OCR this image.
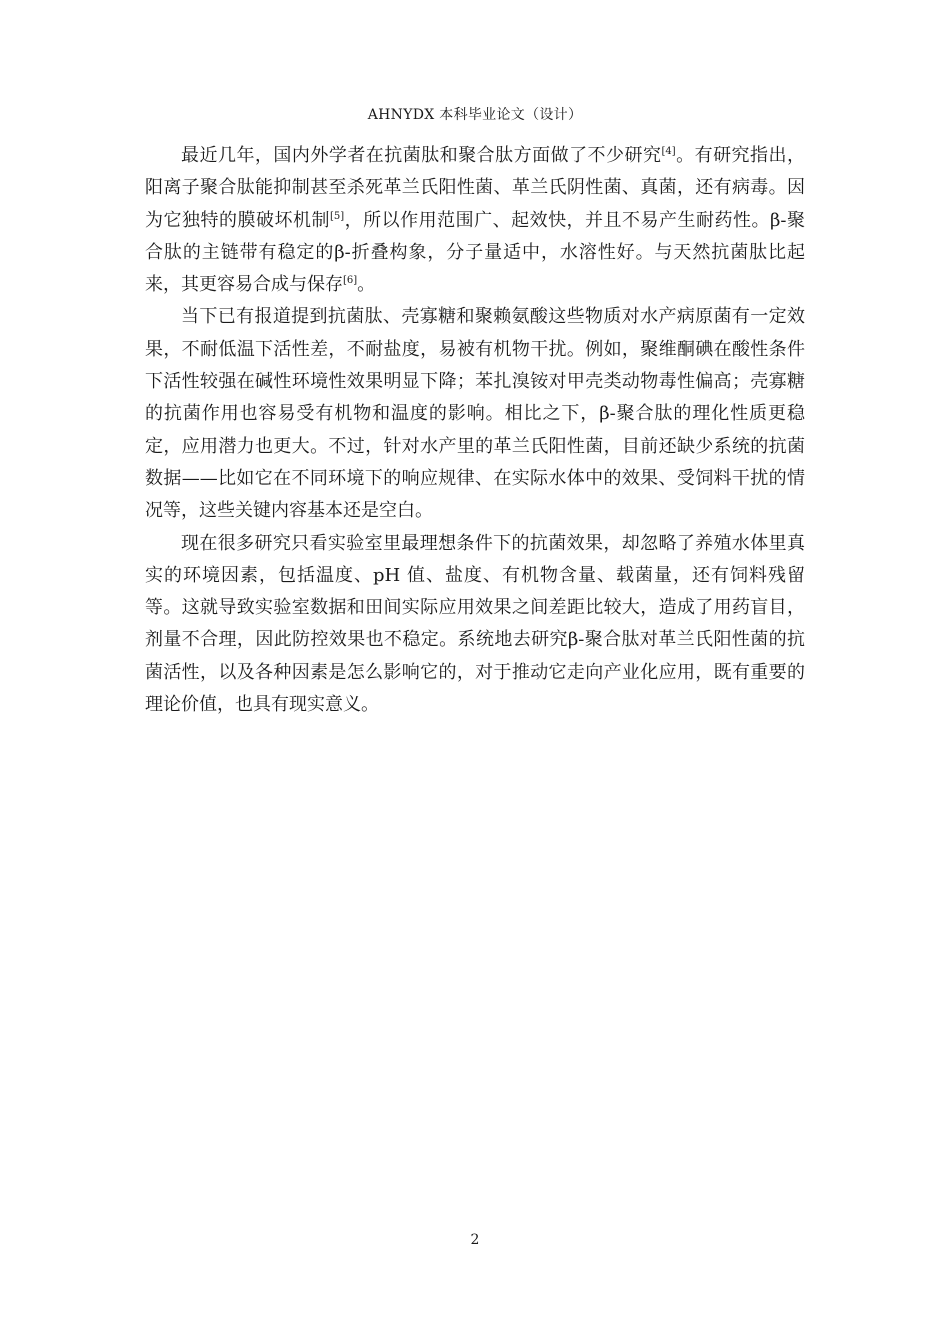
AHNYDX 本科毕业论文（设计）

最近几年，国内外学者在抗菌肽和聚合肽方面做了不少研究[4]。有研究指出，阳离子聚合肽能抑制甚至杀死革兰氏阳性菌、革兰氏阴性菌、真菌，还有病毒。因为它独特的膜破坏机制[5]，所以作用范围广、起效快，并且不易产生耐药性。β-聚合肽的主链带有稳定的β-折叠构象，分子量适中，水溶性好。与天然抗菌肽比起来，其更容易合成与保存[6]。

当下已有报道提到抗菌肽、壳寡糖和聚赖氨酸这些物质对水产病原菌有一定效果，不耐低温下活性差，不耐盐度，易被有机物干扰。例如，聚维酮碘在酸性条件下活性较强在碱性环境性效果明显下降；苯扎溴铵对甲壳类动物毒性偏高；壳寡糖的抗菌作用也容易受有机物和温度的影响。相比之下，β-聚合肽的理化性质更稳定，应用潜力也更大。不过，针对水产里的革兰氏阳性菌，目前还缺少系统的抗菌数据——比如它在不同环境下的响应规律、在实际水体中的效果、受饲料干扰的情况等，这些关键内容基本还是空白。

现在很多研究只看实验室里最理想条件下的抗菌效果，却忽略了养殖水体里真实的环境因素，包括温度、pH 值、盐度、有机物含量、载菌量，还有饲料残留等。这就导致实验室数据和田间实际应用效果之间差距比较大，造成了用药盲目，剂量不合理，因此防控效果也不稳定。系统地去研究β-聚合肽对革兰氏阳性菌的抗菌活性，以及各种因素是怎么影响它的，对于推动它走向产业化应用，既有重要的理论价值，也具有现实意义。

2
